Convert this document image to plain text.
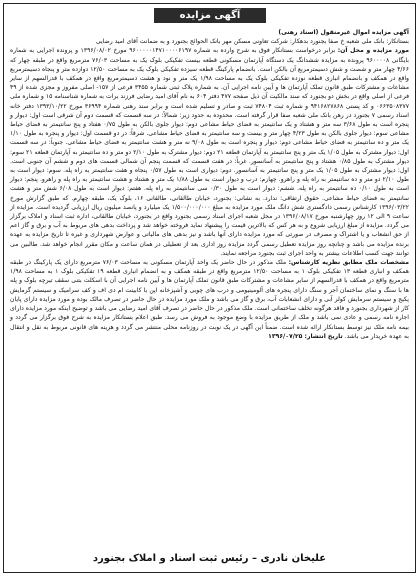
آگهی مزایده

آگهی مزایده اموال غیرمنقول (اسناد رهنی)

بستانکار: بانک ملی شعبه خ صفا بجنورد بدهکار: شرکت تعاونی مسکن مهر بانک الحوائج بجنورد و به ضمانت آقای امید رضایی

مورد مزایده و محل آن: برابر درخواست بستانکار فوق به شرح وارده به شماره ۹۶۰۰۰۰۰۱۴۷۱۰۰۰۰۶۱۹۷ مورخ ۱۳۹۶/۰۸/۰۲ و پرونده اجرایی به شماره بایگانی ۹۶۰۰۰۰۸ پرونده به مزایده ششدانگ یک دستگاه آپارتمان مسکونی قطعه بیست تفکیکی بلوک یک به مساحت ۷۶/۰۳ مترمربع واقع در طبقه چهار که ۴/۶۶ چهار متر و شصت و شش دسیمترمربع آن بالکن است. بانضمام پارکینگ قطعه سیزده تفکیکی بلوک یک به مساحت ۱۲/۵۰ دوازده متر و پنجاه دسیمترمربع واقع در همکف و بانضمام انباری قطعه نوزده تفکیکی بلوک یک به مساحت ۱/۹۸ یک متر و نود و هشت دسیمترمربع واقع در همکف با قدرالسهم از سایر مشاعات و مشترکات طبق قانون تملک آپارتمان ها و آیین نامه اجرایی آن. به شماره پلاک ثبتی شماره ۳۴۵۵ فرعی از ۱۵۷- اصلی مفروز و مجزی شده از ۴۹ فرعی از اصلی واقع در بخش دو بجنورد که سند مالکیت آن ذیل صفحه ۴۷۷ دفتر ۶۰۴ به نام آقای امید رضایی فرزند برات به شماره شناسنامه ۱۵ و شماره ملی ۰۶۶۳۵۰۸۳۷۷ و کد پستی ۹۴۱۶۸۲۷۸۶۸ و شماره ثبت ۷۴۸۰۴ ثبت و صادر و تسلیم شده است و برابر سند رهنی شماره ۳۶۹۹۴ مورخ ۱۳۹۳/۱۰/۲۲ دفتر خانه اسناد رسمی ۷ بجنورد در رهن بانک ملی شعبه صفا قرار گرفته است. محدوده به حدود زیر: شمالاً: در سه قسمت که قسمت دوم آن شرقی است اول: دیوار و پنجره است به طول ۳/۶۸ سه متر و هشتاد و یک سانتیمتر به فضای حیاط مشاعی دوم: دیوار جلوی بالکن به طول ۰/۷۵ هفتاد و پنج سانتیمتر به فضای حیاط مشاعی سوم: دیوار جلوی بالکن به طول ۴/۲۳ چهار متر و بیست و سه سانتیمتر به فضای حیاط مشاعی. شرقاً: در دو قسمت اول: دیوار و پنجره به طول ۱/۱۰ یک متر و ده سانتیمتر به فضای حیاط مشاعی دوم: دیوار و پنجره است به طول ۹/۰۸ نه متر و هشت سانتیمتر به فضای حیاط مشاعی. جنوباً: در سه قسمت اول: دیوار مشترک به طول ۱/۰۵ یک متر و پنج سانتیمتر به آپارتمان قطعه ۲۱ دوم: دیوار مشترک به طول ۲/۱۰ دو متر و ده سانتیمتر به آپارتمان قطعه ۲۱ سوم: دیوار مشترک به طول ۰/۸۵ هشتاد و پنج سانتیمتر به آسانسور. غرباً: در هفت قسمت که قسمت پنجم آن شمالی قسمت های دوم و ششم آن جنوبی است. اول: دیوار مشترک به طول ۱/۰۵ یک متر و پنج سانتیمتر به آسانسور. دوم: دیواری است به طول ۰/۵۷ پنجاه و هفت سانتیمتر به راه پله. سوم: دیوار است به طول ۲/۱۰ دو متر و ده سانتیمتر به راه پله و راهرو. چهارم: درب و دیوار است به طول ۱/۸۸ یک متر و هشتاد و هشت سانتیمتر به راه پله و راهرو. پنجم: دیوار است به طول ۰/۱۰ ده سانتیمتر به راه پله. ششم: دیوار است به طول ۰/۳۰ سی سانتیمتر به راه پله. هفتم: دیوار است به طول ۶/۰۸ شش متر و هشت سانتیمتر به فضای حیاط مشاعی. حقوق ارتفاقی: ندارد. به نشانی: بجنورد، خیابان طالقانی، طالقانی ۱۶، بلوک یک، طبقه چهارم. که طبق گزارش مورخ ۱۳۹۶/۰۳/۲۲ کارشناس رسمی دادگستری شش دانگ ملک مورد مزایده به مبلغ ۱/۵۰۰/۰۰۰/۰۰۰ یک میلیارد و پانصد میلیون ریال ارزیابی گردیده است. مزایده از ساعت ۹ الی ۱۲ روز چهارشنبه مورخ ۱۳۹۶/۰۸/۱۷ در محل شعبه اجرای اسناد رسمی بجنورد واقع در بجنورد، خیابان طالقانی، اداره ثبت اسناد و املاک برگزار می گردد. مزایده از مبلغ ارزیابی شروع و به هر کس که بالاترین قیمت را پیشنهاد نماید فروخته خواهد شد و پرداخت بدهی های مربوط به آب و برق و گاز اعم از حق انشعاب و یا اشتراک و مصرف در صورتی که مورد مزایده دارای آنها باشد و نیز بدهی های مالیاتی و عوارض شهرداری و غیره تا تاریخ مزایده به عهده برنده مزایده می باشد و چنانچه روز مزایده تعطیل رسمی گردد مزایده روز اداری بعد از تعطیلی در همان ساعت و مکان مقرر انجام خواهد شد. طالبین می توانند جهت کسب اطلاعات بیشتر به واحد اجرای ثبت بجنورد مراجعه نمایند.

مشخصات ملک مطابق نظریه کارشناس: ملک مذکور در حال حاضر یک واحد آپارتمان مسکونی به مساحت ۷۶/۰۳ مترمربع دارای یک پارکینگ در طبقه همکف و انباری قطعه ۱۳ تفکیکی بلوک ۱ به مساحت ۱۲/۵۰ مترمربع واقع در طبقه همکف و به انضمام انباری قطعه ۱۹ تفکیکی بلوک ۱ به مساحت ۱/۹۸ مترمربع واقع در همکف با قدرالسهم از سایر مشاعات و مشترکات طبق قانون تملک آپارتمان ها و آیین نامه اجرایی آن با اسکلت بتنی سقف تیرچه بلوک و پله ها با سنگ و نمای ساختمان آجر و سنگ دارای پنجره های آلومینیومی و درب های چوبی و آشپزخانه اپن با کابینت ام دی اف و کف سرامیک و سیستم گرمایش پکیج و سیستم سرمایش کولر آبی و دارای انشعابات آب، برق و گاز می باشد و ملک مورد مزایده در حال حاضر در تصرف مالک بوده و مورد مزایده دارای پایان کار از شهرداری بجنورد و فاقد هرگونه تخلف ساختمانی است. ملک مذکور در حال حاضر در تصرف آقای امید رضایی می باشد و توضیح اینکه مورد مزایده دارای اجاره نامه رسمی و عادی نمی باشد و ملک از طریق مزایده با وضع موجود به فروش می رسد. طبق اعلام بستانکار مزایده به شرح فوق برگزار می گردد و بیمه نامه ملک نیز توسط بستانکار ارائه شده است. ضمناً این آگهی در یک نوبت در روزنامه محلی منتشر می گردد و هزینه های قانونی مربوط به نقل و انتقال به عهده خریدار می باشد. تاریخ انتشار: ۱۳۹۶/۰۷/۲۵

علیخان نادری – رئیس ثبت اسناد و املاک بجنورد
